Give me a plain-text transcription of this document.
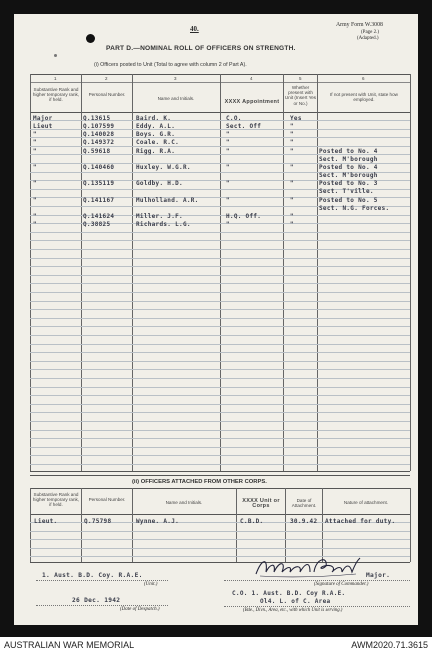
40.	Army Form W.3008
(Page 2.)
(Adapted.)
PART D.—NOMINAL ROLL OF OFFICERS ON STRENGTH.
(i) Officers posted to Unit (Total to agree with column 2 of Part A).
1	2	3	4	5	6
Substantive Rank and higher temporary rank, if held.
Personal Number.
Name and Initials.
XXXX Appointment
Whether present with Unit (Insert Yes or No.)
If not present with Unit, state how employed.
Major	Q.13615	Baird. K.	C.O.	Yes
Lieut	Q.107599	Eddy. A.L.	Sect. Off	"
"	Q.140028	Boys. G.R.	"	"
"	Q.149372	Coale. R.C.	"	"
"	Q.59618	Rigg. R.A.	"	"	Posted to No. 4
Sect. M'borough
"	Q.140460	Huxley. W.G.R.	"	"	Posted to No. 4
Sect. M'borough
"	Q.135119	Goldby. H.D.	"	"	Posted to No. 3
Sect. T'ville.
"	Q.141167	Mulholland. A.R.	"	"	Posted to No. 5
Sect. N.G. Forces.
"	Q.141624	Miller. J.F.	H.Q. Off.	"
"	Q.38825	Richards. L.G.	"	"
(ii) OFFICERS ATTACHED FROM OTHER CORPS.
Substantive Rank and higher temporary rank, if held.
Personal Number.
Name and Initials.	XXXX Unit or Corps
Date of Attachment.
Nature of attachment.
Lieut.	Q.75798	Wynne. A.J.	C.B.D.	30.9.42 Attached for duty.
1. Aust. B.D. Coy. R.A.E.
(Unit.)
26 Dec. 1942
(Date of Despatch.)
Major.
(Signature of Commander.)
C.O. 1. Aust. B.D. Coy R.A.E.
Ol4. L. of C. Area
(Bde., Divn., Area, etc., with which Unit is serving.)
AUSTRALIAN WAR MEMORIAL	AWM2020.71.3615
